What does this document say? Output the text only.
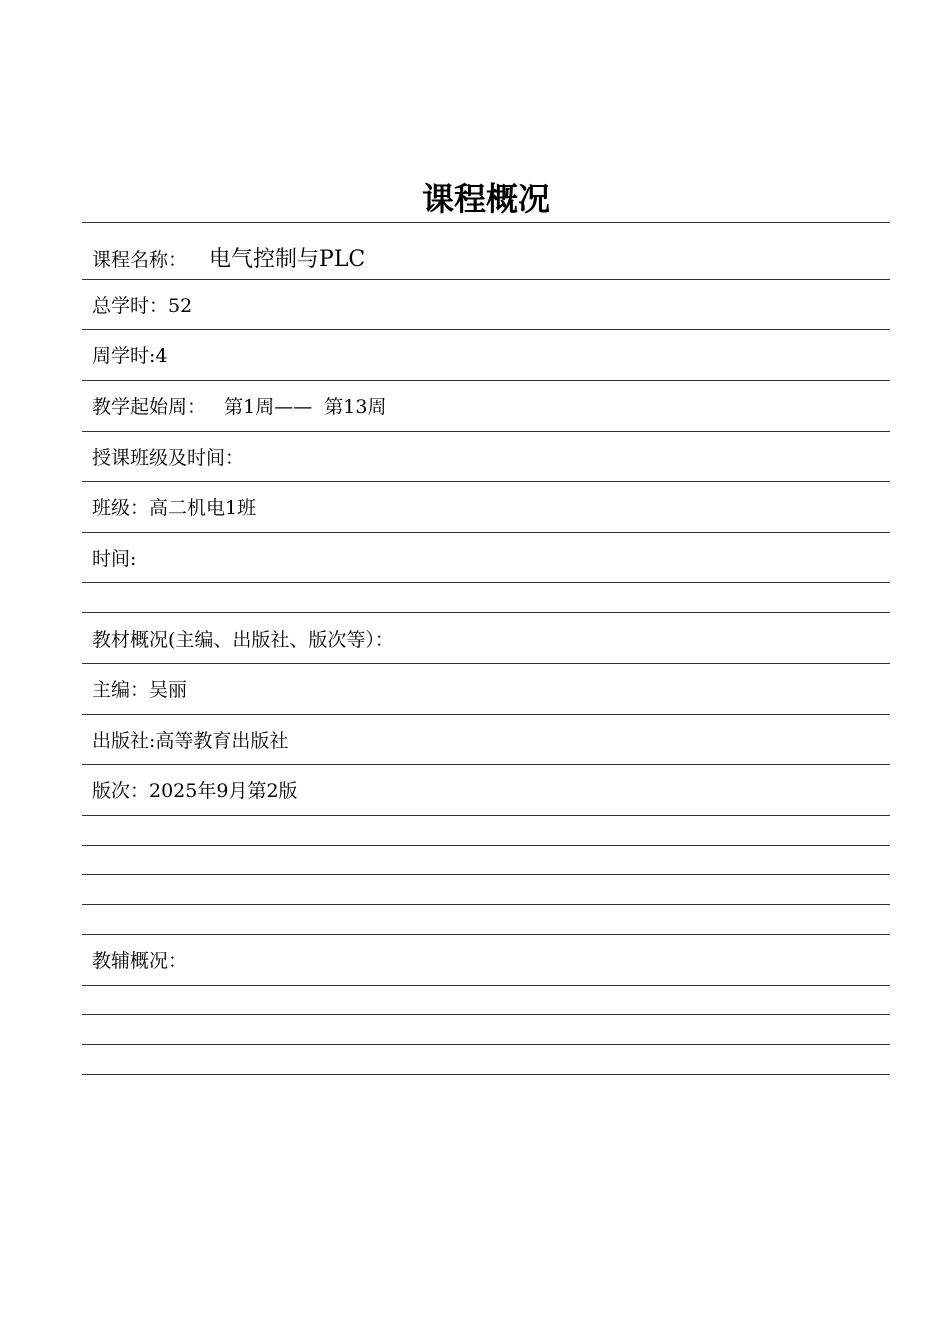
课程概况
课程名称： 电气控制与PLC
总学时：52
周学时:4
教学起始周：   第1周——  第13周
授课班级及时间：
班级：高二机电1班
时间:
教材概况(主编、出版社、版次等）：
主编：吴丽
出版社:高等教育出版社
版次：2025年9月第2版
教辅概况：
